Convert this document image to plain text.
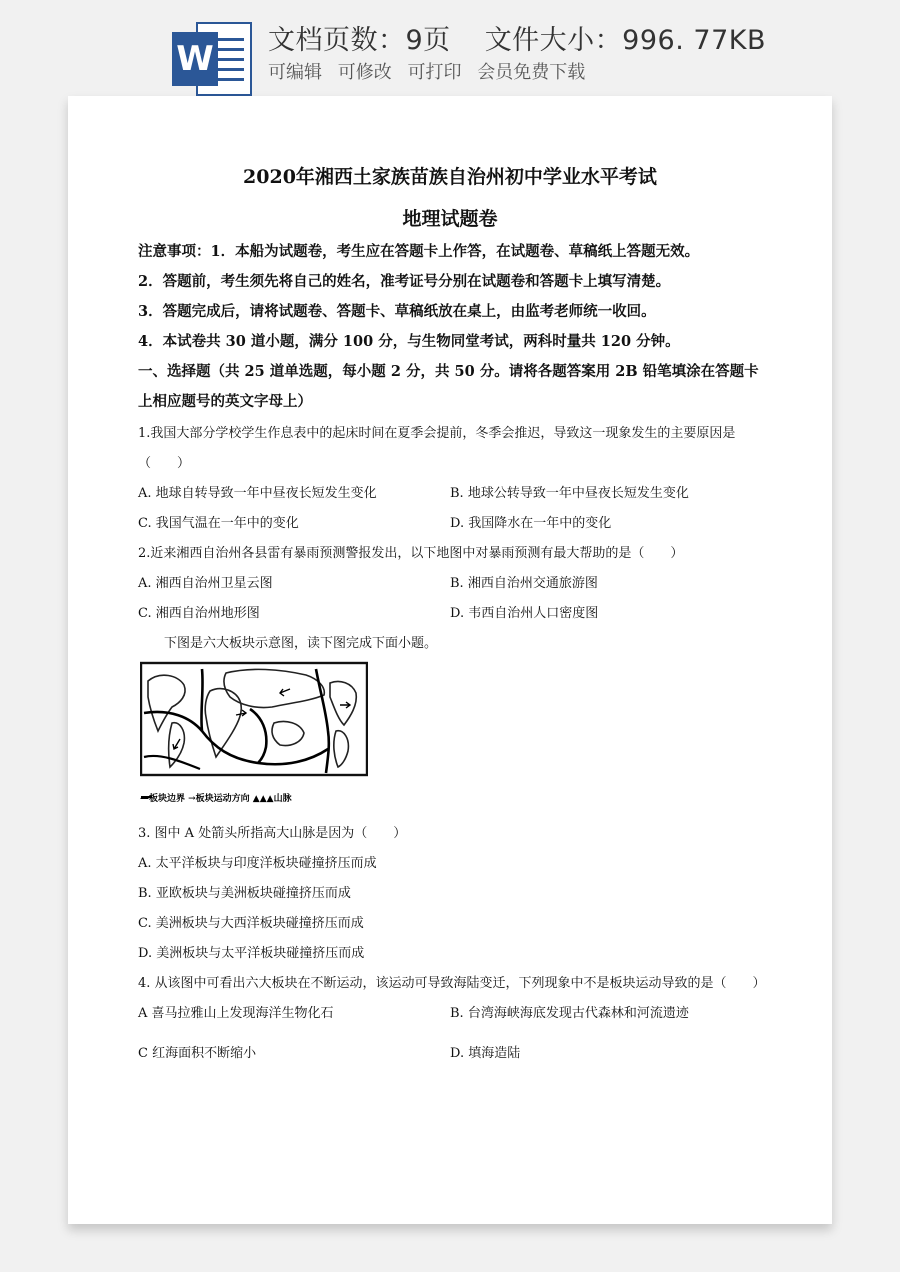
W 文档页数：9页 文件大小：996. 77KB
可编辑 可修改 可打印 会员免费下载
2020年湘西土家族苗族自治州初中学业水平考试
地理试题卷
注意事项：1．本船为试题卷，考生应在答题卡上作答，在试题卷、草稿纸上答题无效。
2．答题前，考生须先将自己的姓名，准考证号分别在试题卷和答题卡上填写清楚。
3．答题完成后，请将试题卷、答题卡、草稿纸放在桌上，由监考老师统一收回。
4．本试卷共 30 道小题，满分 100 分，与生物同堂考试，两科时量共 120 分钟。
一、选择题（共 25 道单选题，每小题 2 分，共 50 分。请将各题答案用 2B 铅笔填涂在答题卡
上相应题号的英文字母上）
1.我国大部分学校学生作息表中的起床时间在夏季会提前，冬季会推迟，导致这一现象发生的主要原因是
（　　）
A. 地球自转导致一年中昼夜长短发生变化	B. 地球公转导致一年中昼夜长短发生变化
C. 我国气温在一年中的变化	D. 我国降水在一年中的变化
2.近来湘西自治州各县雷有暴雨预测警报发出，以下地图中对暴雨预测有最大帮助的是（　　）
A. 湘西自治州卫星云图	B. 湘西自治州交通旅游图
C. 湘西自治州地形图	D. 韦西自治州人口密度图
下图是六大板块示意图，读下图完成下面小题。
—板块边界 →板块运动方向 ▲▲▲山脉
3. 图中 A 处箭头所指高大山脉是因为（　　）
A. 太平洋板块与印度洋板块碰撞挤压而成
B. 亚欧板块与美洲板块碰撞挤压而成
C. 美洲板块与大西洋板块碰撞挤压而成
D. 美洲板块与太平洋板块碰撞挤压而成
4. 从该图中可看出六大板块在不断运动，该运动可导致海陆变迁，下列现象中不是板块运动导致的是（　　）
A 喜马拉雅山上发现海洋生物化石	B. 台湾海峡海底发现古代森林和河流遗迹
C 红海面积不断缩小	D. 填海造陆
